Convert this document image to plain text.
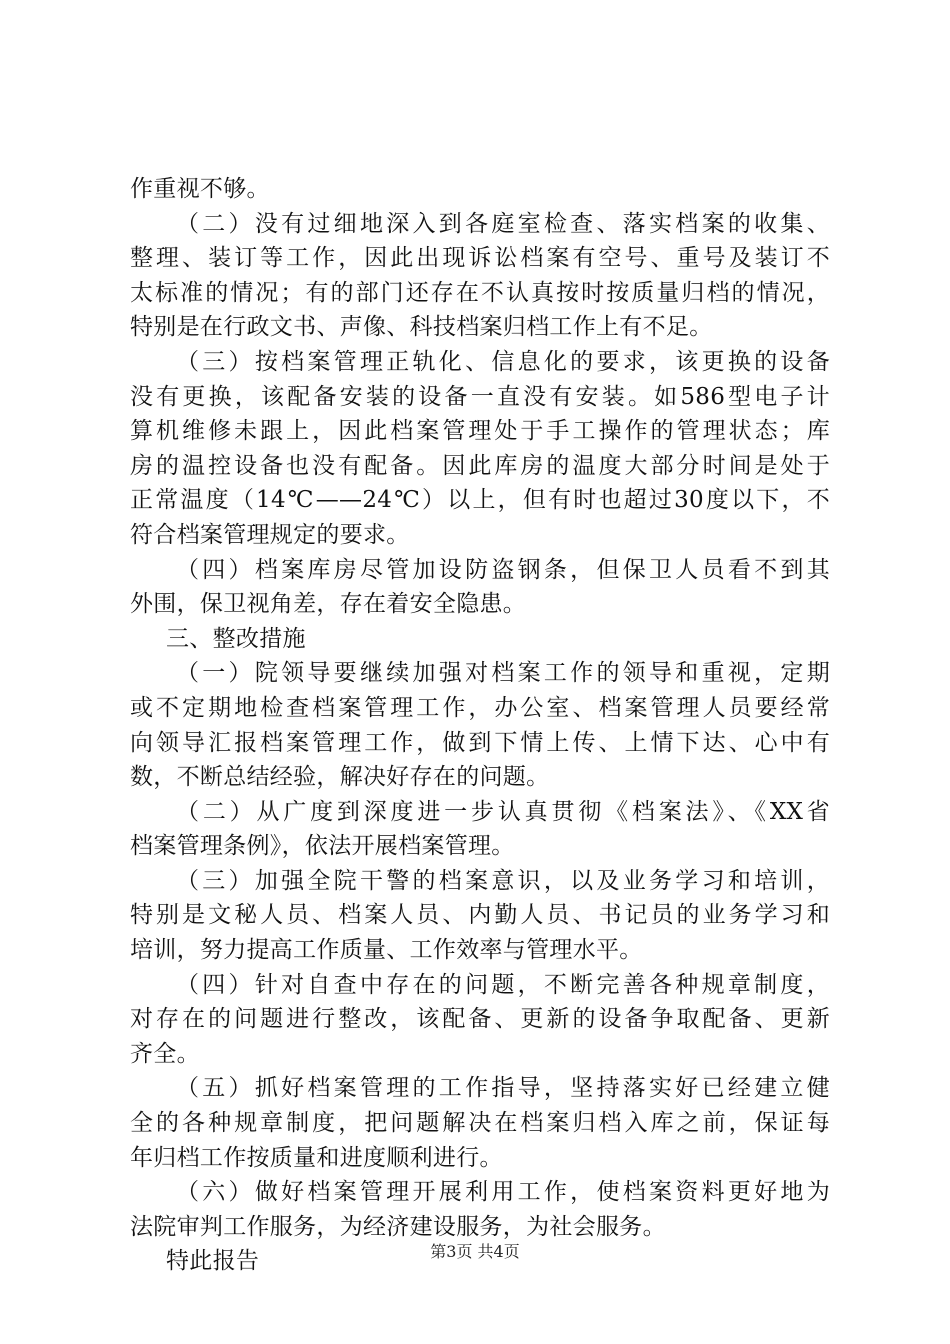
作重视不够。
（二）没有过细地深入到各庭室检查、落实档案的收集、
整理、装订等工作，因此出现诉讼档案有空号、重号及装订不
太标准的情况；有的部门还存在不认真按时按质量归档的情况，
特别是在行政文书、声像、科技档案归档工作上有不足。
（三）按档案管理正轨化、信息化的要求，该更换的设备
没有更换，该配备安装的设备一直没有安装。如586型电子计
算机维修未跟上，因此档案管理处于手工操作的管理状态；库
房的温控设备也没有配备。因此库房的温度大部分时间是处于
正常温度（14℃——24℃）以上，但有时也超过30度以下，不
符合档案管理规定的要求。
（四）档案库房尽管加设防盗钢条，但保卫人员看不到其
外围，保卫视角差，存在着安全隐患。
三、整改措施
（一）院领导要继续加强对档案工作的领导和重视，定期
或不定期地检查档案管理工作，办公室、档案管理人员要经常
向领导汇报档案管理工作，做到下情上传、上情下达、心中有
数，不断总结经验，解决好存在的问题。
（二）从广度到深度进一步认真贯彻《档案法》、《XX省
档案管理条例》，依法开展档案管理。
（三）加强全院干警的档案意识，以及业务学习和培训，
特别是文秘人员、档案人员、内勤人员、书记员的业务学习和
培训，努力提高工作质量、工作效率与管理水平。
（四）针对自查中存在的问题，不断完善各种规章制度，
对存在的问题进行整改，该配备、更新的设备争取配备、更新
齐全。
（五）抓好档案管理的工作指导，坚持落实好已经建立健
全的各种规章制度，把问题解决在档案归档入库之前，保证每
年归档工作按质量和进度顺利进行。
（六）做好档案管理开展利用工作，使档案资料更好地为
法院审判工作服务，为经济建设服务，为社会服务。
特此报告	第3页 共4页
